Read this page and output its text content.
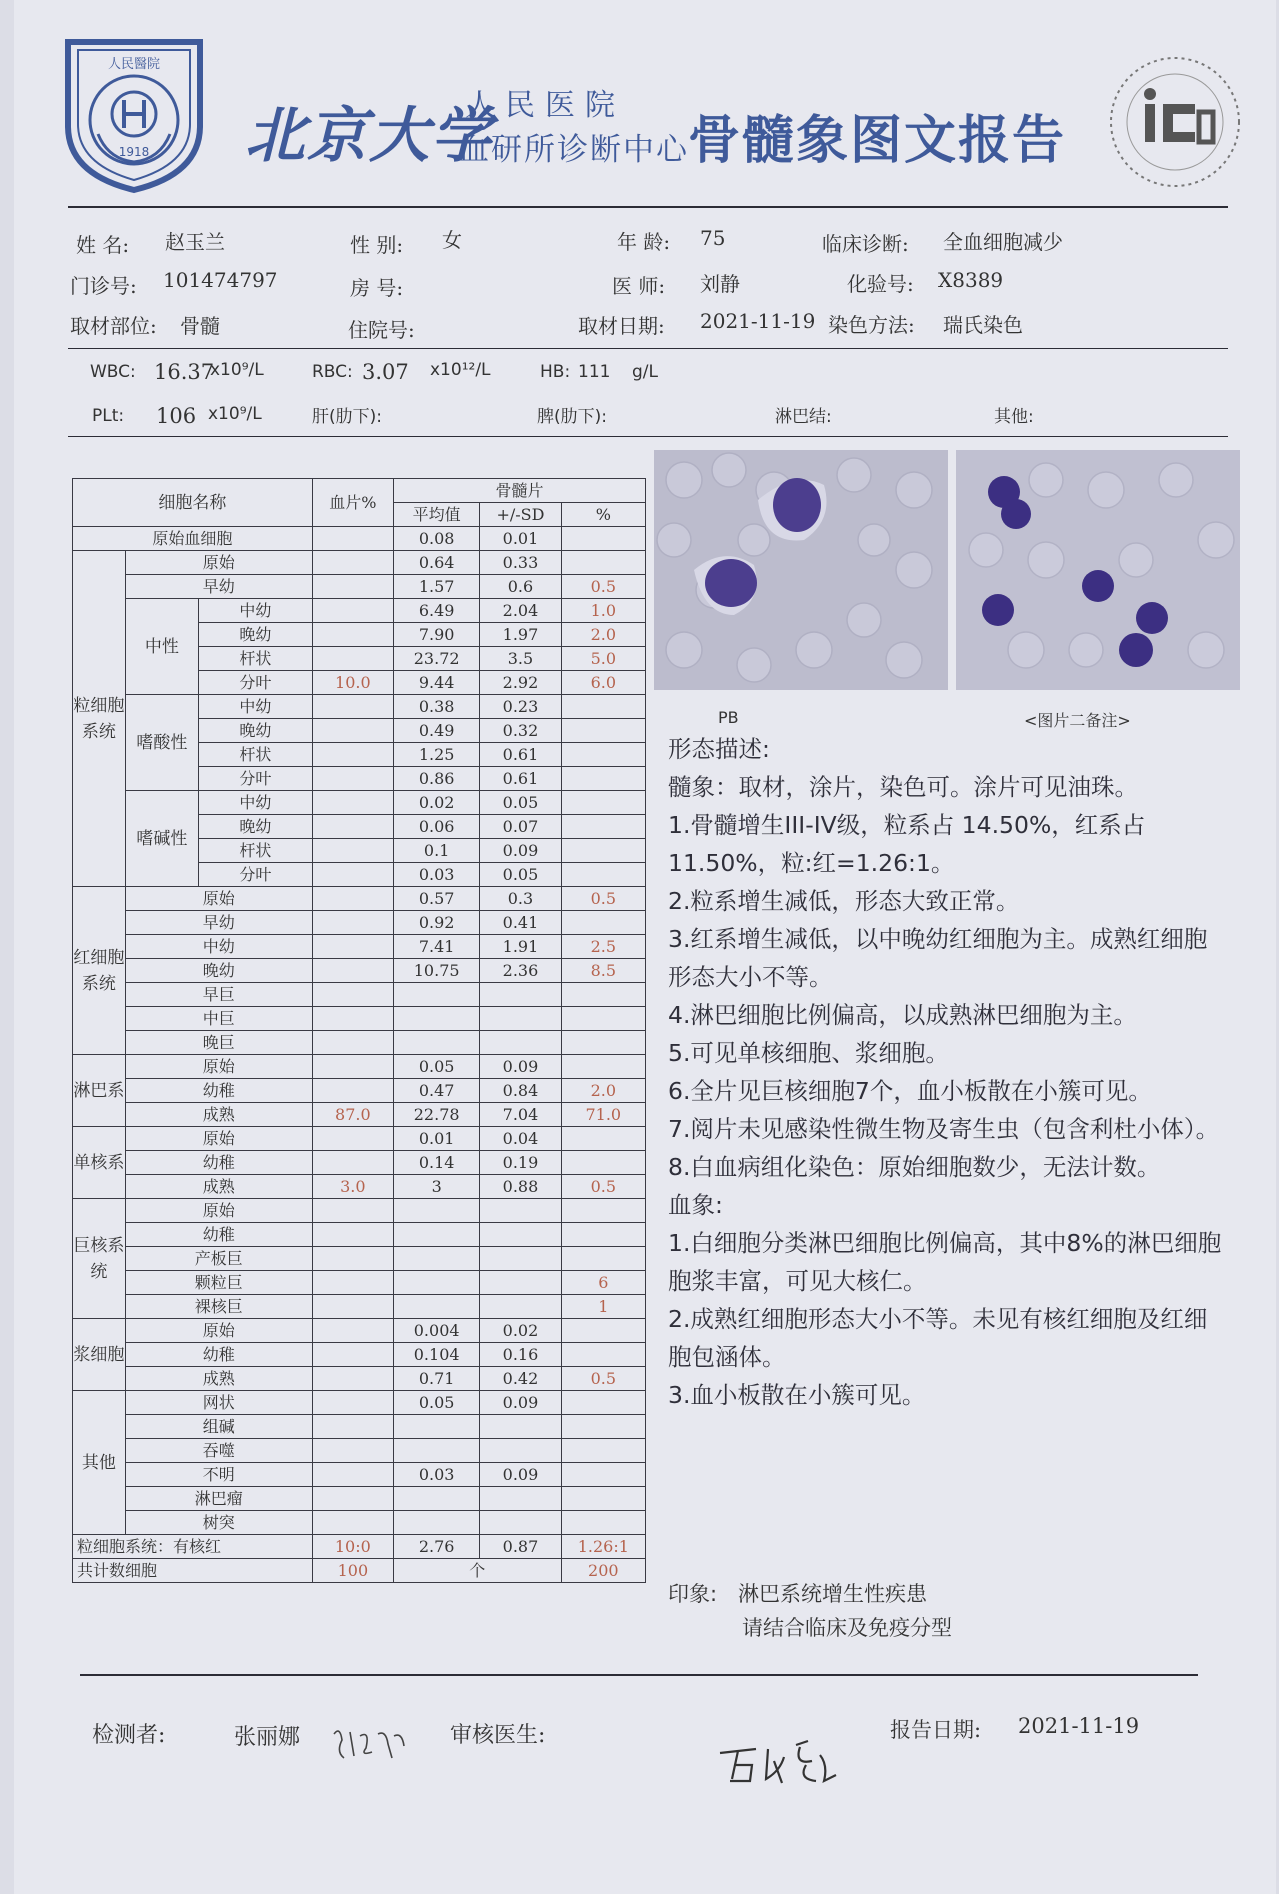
人民醫院
1918 北京大学
人民医院
血研所诊断中心 骨髓象图文报告
姓 名: 赵玉兰	性 别: 女	年 龄: 75	临床诊断: 全血细胞减少
门诊号: 101474797	房 号:	医 师: 刘静	化验号: X8389
取材部位: 骨髓	住院号:	取材日期: 2021-11-19 染色方法: 瑞氏染色
WBC: 16.37
x10⁹/L	RBC: 3.07 x10¹²/L	HB: 111 g/L
PLt: 106 x10⁹/L	肝(肋下):	脾(肋下):	淋巴结:	其他:
细胞名称			血片%	骨髓片		
				平均值	+/-SD	%
原始血细胞				0.08	0.01	
粒细胞系统	原始			0.64	0.33	
	早幼			1.57	0.6	0.5
	中性	中幼		6.49	2.04	1.0
		晚幼		7.90	1.97	2.0
		杆状		23.72	3.5	5.0
		分叶	10.0	9.44	2.92	6.0
	嗜酸性	中幼		0.38	0.23	
		晚幼		0.49	0.32	
		杆状		1.25	0.61	
		分叶		0.86	0.61	
	嗜碱性	中幼		0.02	0.05	
		晚幼		0.06	0.07	
		杆状		0.1	0.09	
		分叶		0.03	0.05	
红细胞系统	原始			0.57	0.3	0.5
	早幼			0.92	0.41	
	中幼			7.41	1.91	2.5
	晚幼			10.75	2.36	8.5
	早巨					
	中巨					
	晚巨					
淋巴系	原始			0.05	0.09	
	幼稚			0.47	0.84	2.0
	成熟		87.0	22.78	7.04	71.0
单核系	原始			0.01	0.04	
	幼稚			0.14	0.19	
	成熟		3.0	3	0.88	0.5
巨核系统	原始					
	幼稚					
	产板巨					
	颗粒巨					6
	裸核巨					1
浆细胞	原始			0.004	0.02	
	幼稚			0.104	0.16	
	成熟			0.71	0.42	0.5
其他	网状			0.05	0.09	
	组碱					
	吞噬					
	不明			0.03	0.09	
	淋巴瘤					
	树突					
粒细胞系统：有核红			10:0	2.76	0.87	1.26:1
共计数细胞			100	个		200
PB	<图片二备注>

形态描述:

髓象：取材，涂片，染色可。涂片可见油珠。

1.骨髓增生III-IV级，粒系占 14.50%，红系占11.50%，粒:红=1.26:1。

2.粒系增生减低，形态大致正常。

3.红系增生减低，以中晚幼红细胞为主。成熟红细胞形态大小不等。

4.淋巴细胞比例偏高，以成熟淋巴细胞为主。

5.可见单核细胞、浆细胞。

6.全片见巨核细胞7个，血小板散在小簇可见。

7.阅片未见感染性微生物及寄生虫（包含利杜小体）。

8.白血病组化染色：原始细胞数少，无法计数。

血象:

1.白细胞分类淋巴细胞比例偏高，其中8%的淋巴细胞胞浆丰富，可见大核仁。

2.成熟红细胞形态大小不等。未见有核红细胞及红细胞包涵体。

3.血小板散在小簇可见。

印象: 淋巴系统增生性疾患
请结合临床及免疫分型
检测者:	张丽娜	审核医生:	报告日期: 2021-11-19
